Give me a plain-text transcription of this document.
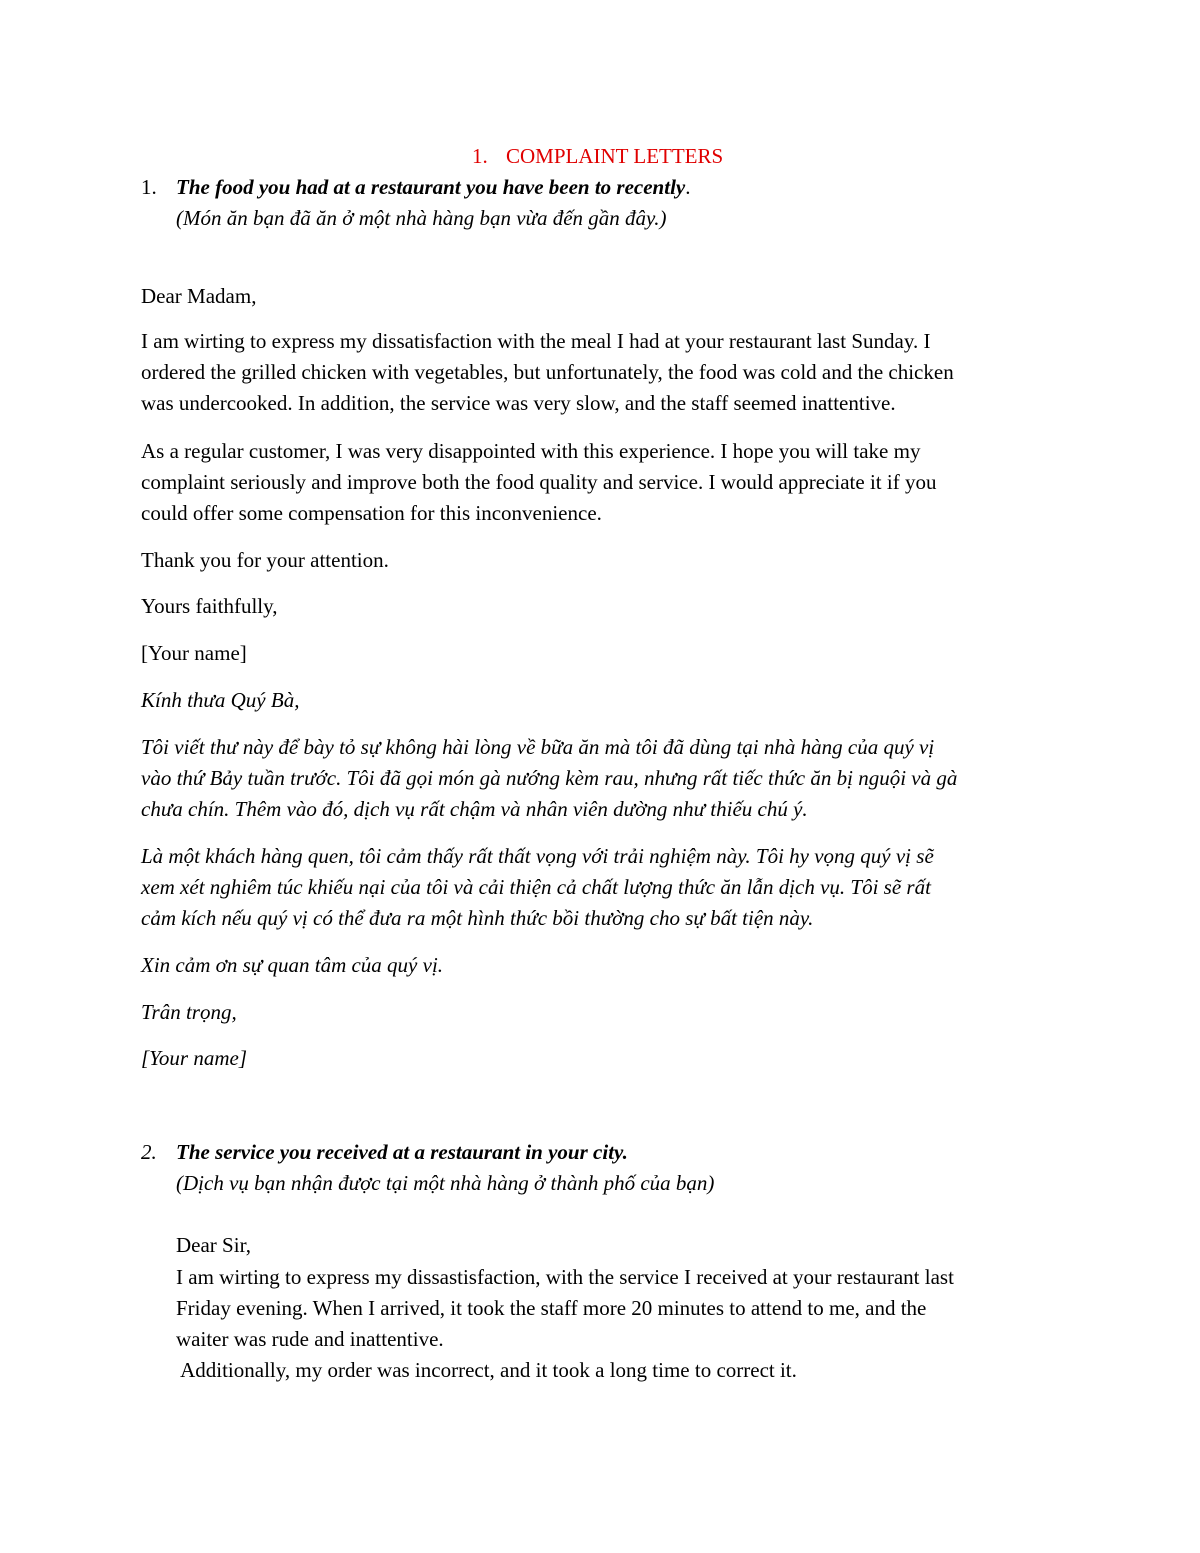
1. COMPLAINT LETTERS
1. The food you had at a restaurant you have been to recently.
(Món ăn bạn đã ăn ở một nhà hàng bạn vừa đến gần đây.)
Dear Madam,
I am wirting to express my dissatisfaction with the meal I had at your restaurant last Sunday. I
ordered the grilled chicken with vegetables, but unfortunately, the food was cold and the chicken
was undercooked. In addition, the service was very slow, and the staff seemed inattentive.
As a regular customer, I was very disappointed with this experience. I hope you will take my
complaint seriously and improve both the food quality and service. I would appreciate it if you
could offer some compensation for this inconvenience.
Thank you for your attention.
Yours faithfully,
[Your name]
Kính thưa Quý Bà,
Tôi viết thư này để bày tỏ sự không hài lòng về bữa ăn mà tôi đã dùng tại nhà hàng của quý vị
vào thứ Bảy tuần trước. Tôi đã gọi món gà nướng kèm rau, nhưng rất tiếc thức ăn bị nguội và gà
chưa chín. Thêm vào đó, dịch vụ rất chậm và nhân viên dường như thiếu chú ý.
Là một khách hàng quen, tôi cảm thấy rất thất vọng với trải nghiệm này. Tôi hy vọng quý vị sẽ
xem xét nghiêm túc khiếu nại của tôi và cải thiện cả chất lượng thức ăn lẫn dịch vụ. Tôi sẽ rất
cảm kích nếu quý vị có thể đưa ra một hình thức bồi thường cho sự bất tiện này.
Xin cảm ơn sự quan tâm của quý vị.
Trân trọng,
[Your name]
2. The service you received at a restaurant in your city.
(Dịch vụ bạn nhận được tại một nhà hàng ở thành phố của bạn)
Dear Sir,
I am wirting to express my dissastisfaction, with the service I received at your restaurant last
Friday evening. When I arrived, it took the staff more 20 minutes to attend to me, and the
waiter was rude and inattentive.
Additionally, my order was incorrect, and it took a long time to correct it.
